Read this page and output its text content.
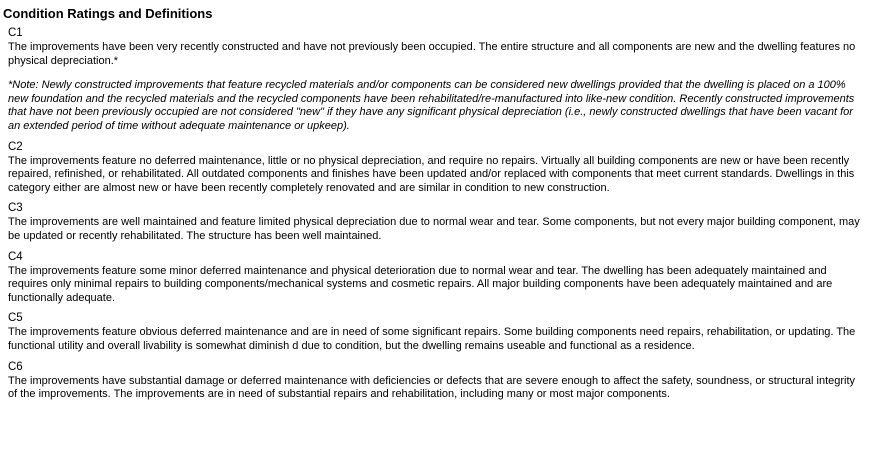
Condition Ratings and Definitions
C1

The improvements have been very recently constructed and have not previously been occupied. The entire structure and all components are new and the dwelling features no physical depreciation.*

*Note: Newly constructed improvements that feature recycled materials and/or components can be considered new dwellings provided that the dwelling is placed on a 100% new foundation and the recycled materials and the recycled components have been rehabilitated/re-manufactured into like-new condition. Recently constructed improvements that have not been previously occupied are not considered "new" if they have any significant physical depreciation (i.e., newly constructed dwellings that have been vacant for an extended period of time without adequate maintenance or upkeep).

C2

The improvements feature no deferred maintenance, little or no physical depreciation, and require no repairs. Virtually all building components are new or have been recently repaired, refinished, or rehabilitated. All outdated components and finishes have been updated and/or replaced with components that meet current standards. Dwellings in this category either are almost new or have been recently completely renovated and are similar in condition to new construction.

C3

The improvements are well maintained and feature limited physical depreciation due to normal wear and tear. Some components, but not every major building component, may be updated or recently rehabilitated. The structure has been well maintained.

C4

The improvements feature some minor deferred maintenance and physical deterioration due to normal wear and tear. The dwelling has been adequately maintained and requires only minimal repairs to building components/mechanical systems and cosmetic repairs. All major building components have been adequately maintained and are functionally adequate.

C5

The improvements feature obvious deferred maintenance and are in need of some significant repairs. Some building components need repairs, rehabilitation, or updating. The functional utility and overall livability is somewhat diminish d due to condition, but the dwelling remains useable and functional as a residence.

C6

The improvements have substantial damage or deferred maintenance with deficiencies or defects that are severe enough to affect the safety, soundness, or structural integrity of the improvements. The improvements are in need of substantial repairs and rehabilitation, including many or most major components.
